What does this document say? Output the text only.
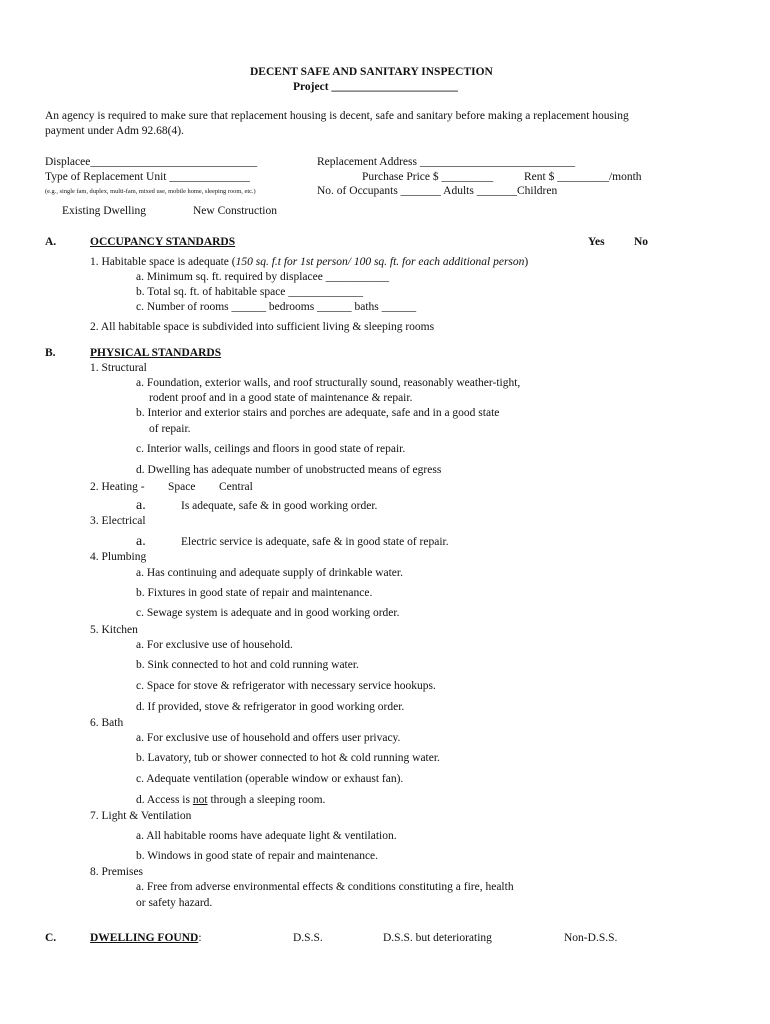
DECENT SAFE AND SANITARY INSPECTION
Project ______________________
An agency is required to make sure that replacement housing is decent, safe and sanitary before making a replacement housing
payment under Adm 92.68(4).
Displacee_____________________________
Type of Replacement Unit ______________
(e.g., single fam, duplex, multi-fam, mixed use, mobile home, sleeping room, etc.)
Replacement Address ___________________________
Purchase Price $ _________	Rent $ _________/month
No. of Occupants _______ Adults _______Children
Existing Dwelling	New Construction
A.	OCCUPANCY STANDARDS	Yes	No
1. Habitable space is adequate (150 sq. f.t for 1st person/ 100 sq. ft. for each additional person)
a. Minimum sq. ft. required by displacee ___________
b. Total sq. ft. of habitable space _____________
c. Number of rooms ______ bedrooms ______ baths ______
2. All habitable space is subdivided into sufficient living & sleeping rooms
B.	PHYSICAL STANDARDS
1. Structural
a. Foundation, exterior walls, and roof structurally sound, reasonably weather-tight,
rodent proof and in a good state of maintenance & repair.
b. Interior and exterior stairs and porches are adequate, safe and in a good state
of repair.
c. Interior walls, ceilings and floors in good state of repair.
d. Dwelling has adequate number of unobstructed means of egress
2. Heating - Space Central
a.	Is adequate, safe & in good working order.
3. Electrical
a.	Electric service is adequate, safe & in good state of repair.
4. Plumbing
a. Has continuing and adequate supply of drinkable water.
b. Fixtures in good state of repair and maintenance.
c. Sewage system is adequate and in good working order.
5. Kitchen
a. For exclusive use of household.
b. Sink connected to hot and cold running water.
c. Space for stove & refrigerator with necessary service hookups.
d. If provided, stove & refrigerator in good working order.
6. Bath
a. For exclusive use of household and offers user privacy.
b. Lavatory, tub or shower connected to hot & cold running water.
c. Adequate ventilation (operable window or exhaust fan).
d. Access is not through a sleeping room.
7. Light & Ventilation
a. All habitable rooms have adequate light & ventilation.
b. Windows in good state of repair and maintenance.
8. Premises
a. Free from adverse environmental effects & conditions constituting a fire, health
or safety hazard.
C.	DWELLING FOUND:	D.S.S.	D.S.S. but deteriorating	Non-D.S.S.
